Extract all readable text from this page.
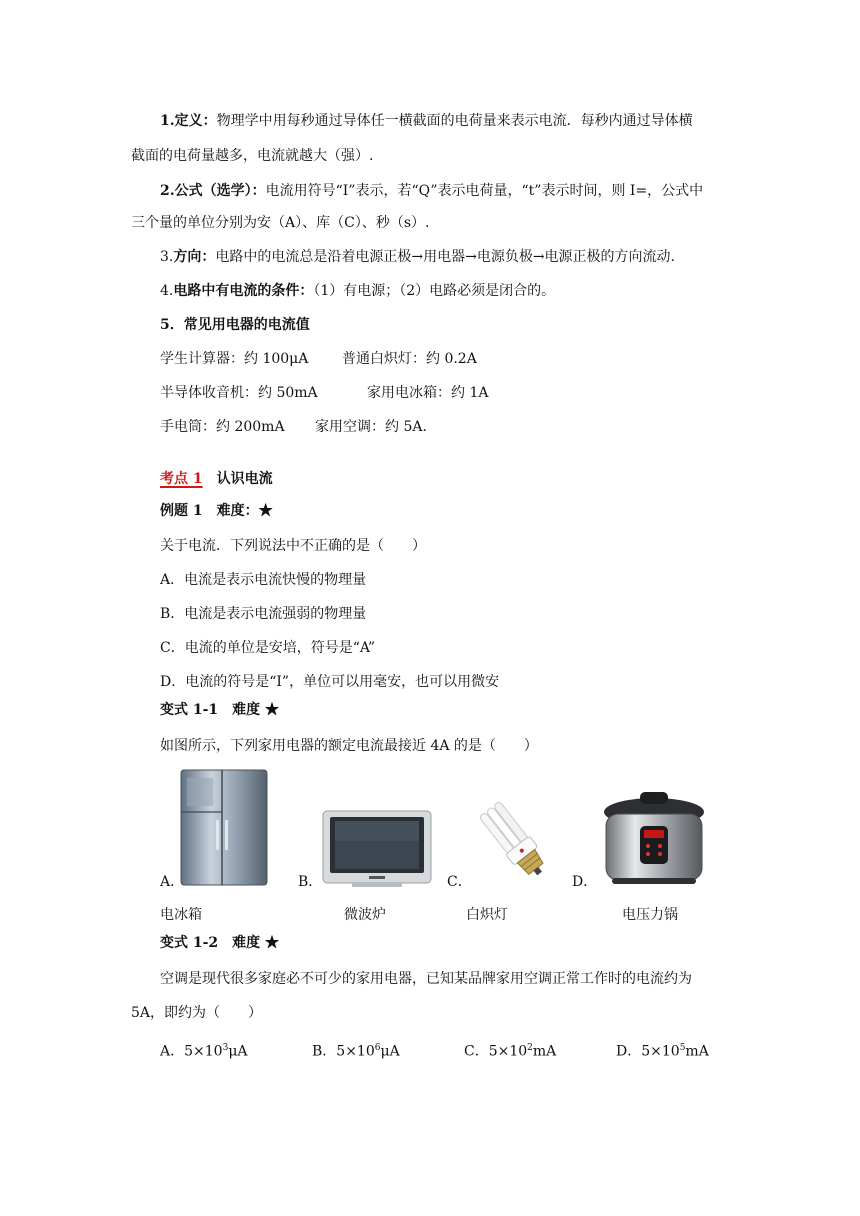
1.定义：物理学中用每秒通过导体任一横截面的电荷量来表示电流．每秒内通过导体横
截面的电荷量越多，电流就越大（强）.
2.公式（选学）：电流用符号“I”表示，若“Q”表示电荷量，“t”表示时间，则 I=，公式中
三个量的单位分别为安（A）、库（C）、秒（s）.
3.方向：电路中的电流总是沿着电源正极→用电器→电源负极→电源正极的方向流动.
4.电路中有电流的条件：（1）有电源；（2）电路必须是闭合的。
5．常见用电器的电流值
学生计算器：约 100μA 普通白炽灯：约 0.2A
半导体收音机：约 50mA	家用电冰箱：约 1A
手电筒：约 200mA 家用空调：约 5A．
考点 1　 认识电流
例题 1　难度：★
关于电流．下列说法中不正确的是（　　）
A．电流是表示电流快慢的物理量
B．电流是表示电流强弱的物理量
C．电流的单位是安培，符号是“A”
D．电流的符号是“I”，单位可以用毫安，也可以用微安
变式 1-1　难度 ★
如图所示，下列家用电器的额定电流最接近 4A 的是（　　）
A．	B．	C．	D．
电冰箱	微波炉	白炽灯	电压力锅
变式 1-2　难度 ★
空调是现代很多家庭必不可少的家用电器，已知某品牌家用空调正常工作时的电流约为
5A，即约为（　　）
A．$5\times 10^3\mu A$	B．$5\times 10^6\mu A$	C．$5\times 10^2mA$	D．$5\times 10^5mA$
